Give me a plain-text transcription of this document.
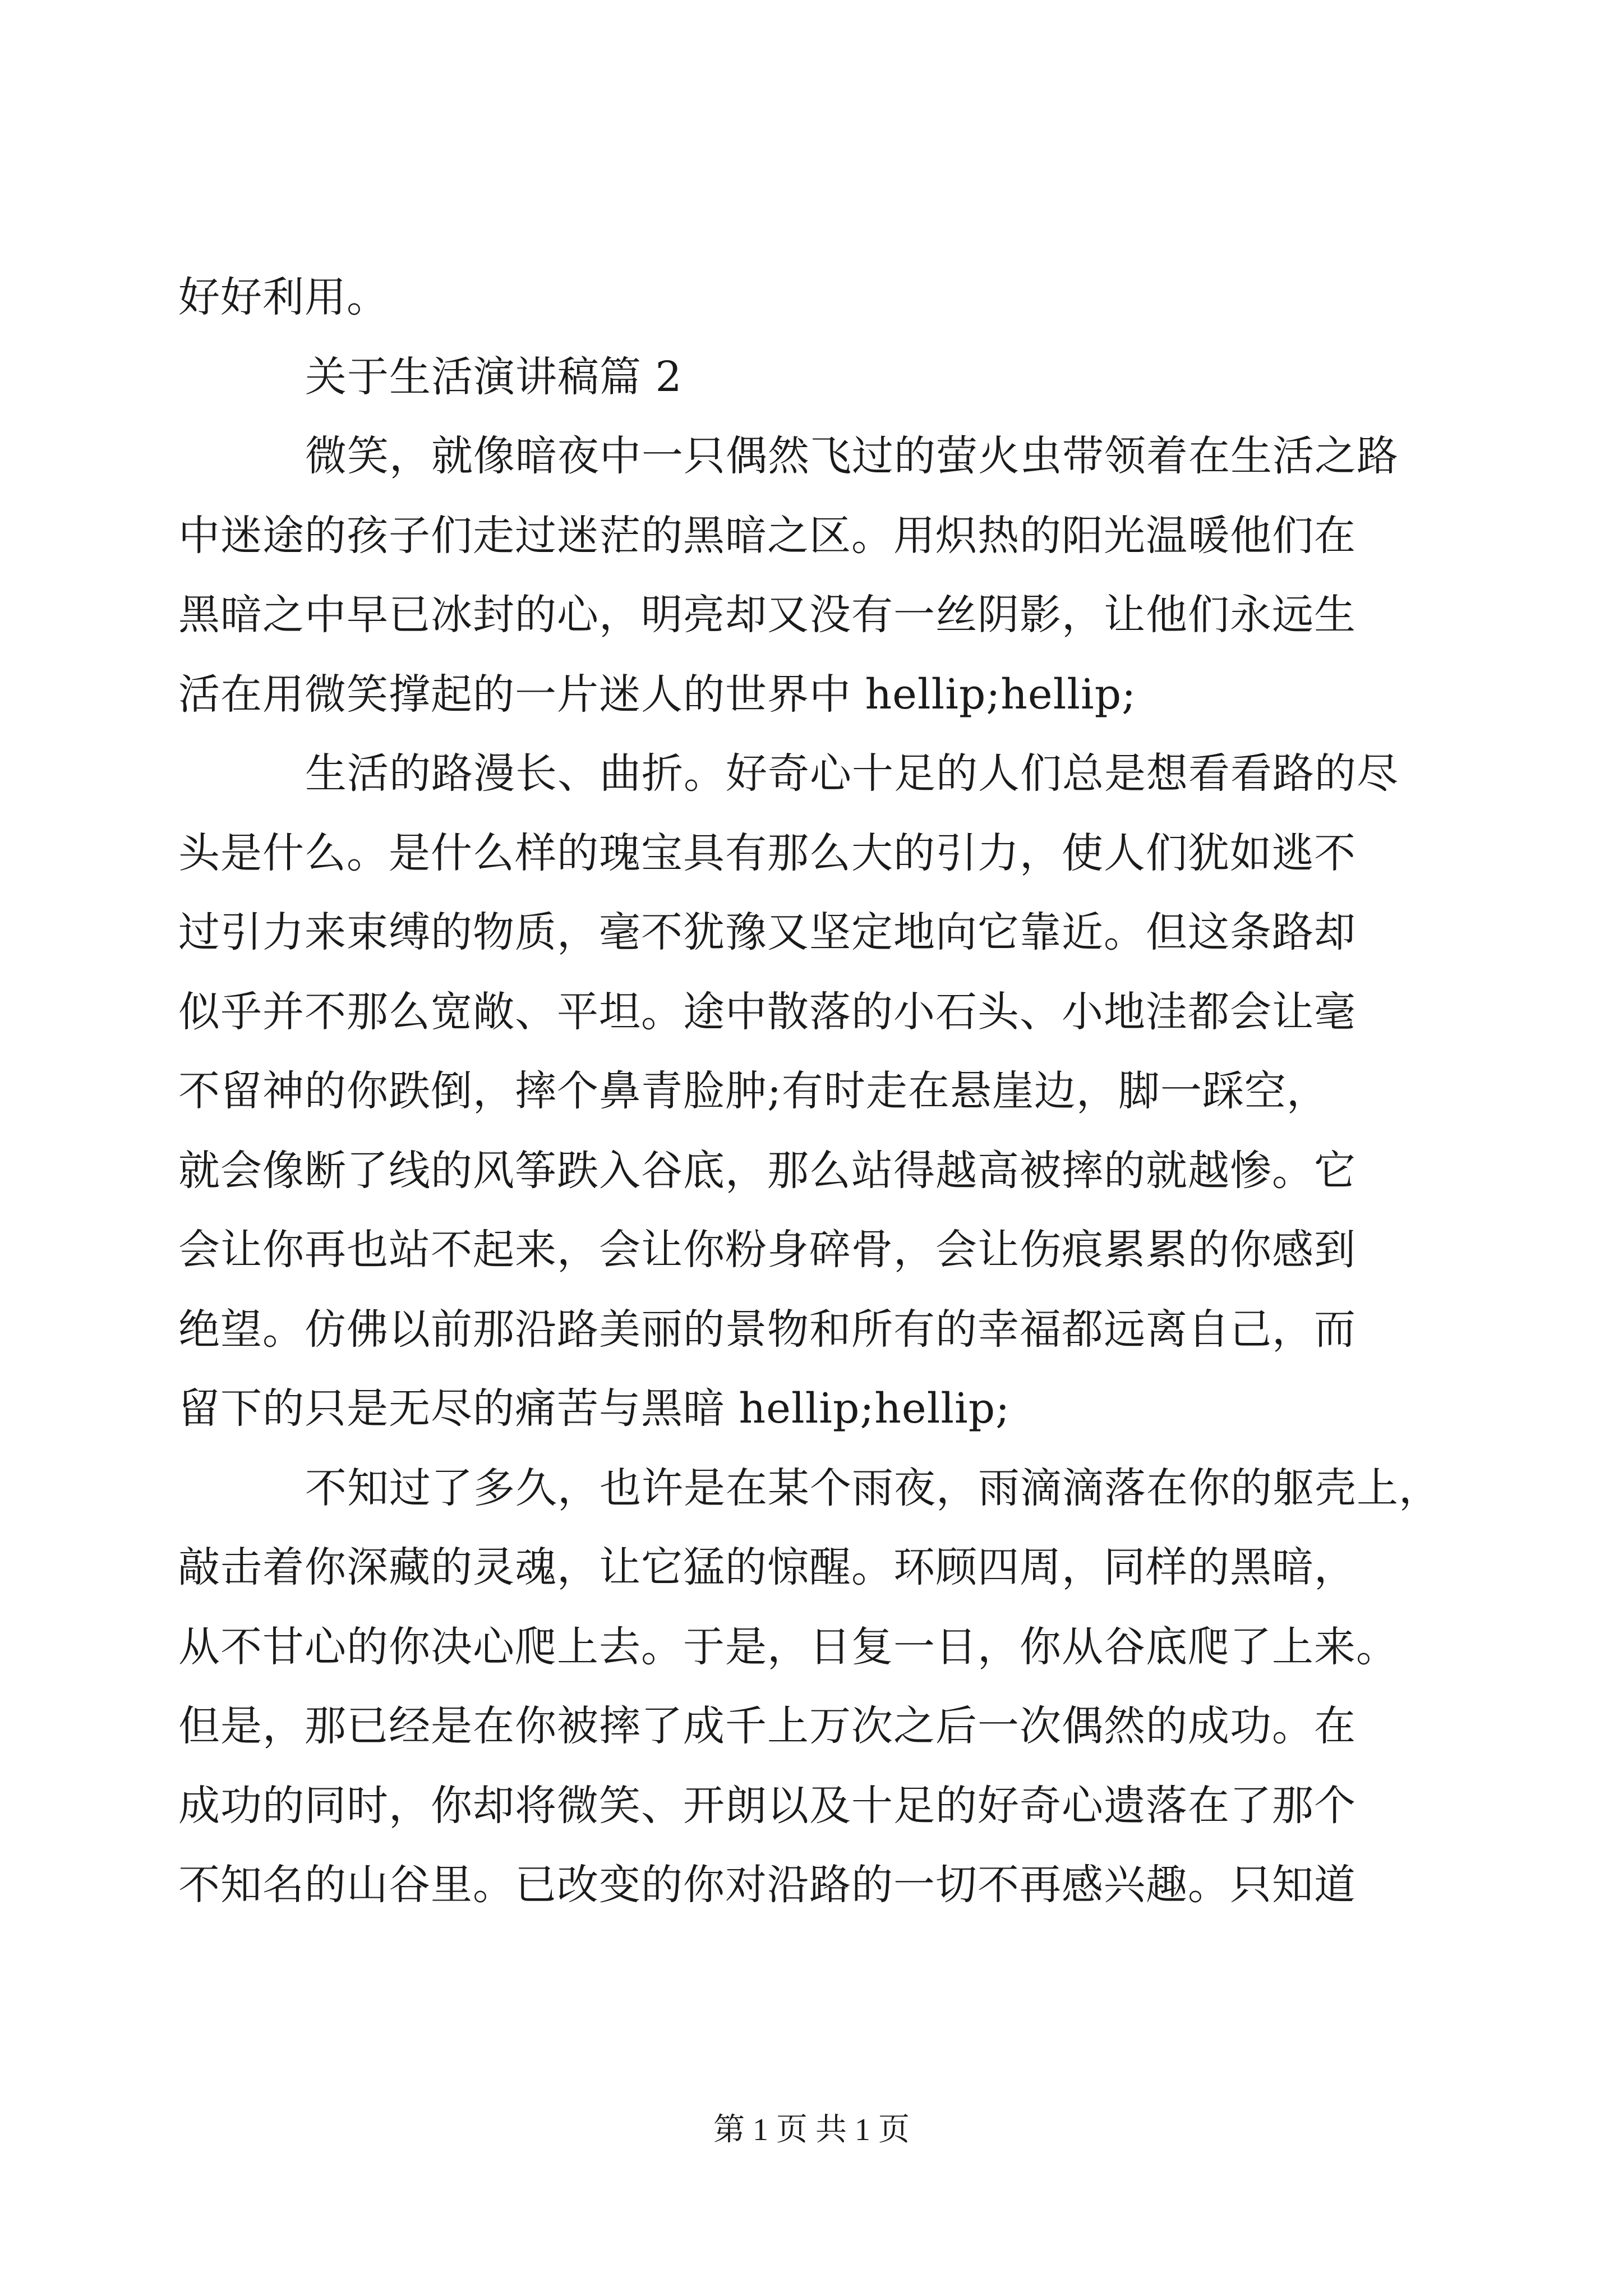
好好利用。
关于生活演讲稿篇 2
微笑，就像暗夜中一只偶然飞过的萤火虫带领着在生活之路
中迷途的孩子们走过迷茫的黑暗之区。用炽热的阳光温暖他们在
黑暗之中早已冰封的心，明亮却又没有一丝阴影，让他们永远生
活在用微笑撑起的一片迷人的世界中 hellip;hellip;
生活的路漫长、曲折。好奇心十足的人们总是想看看路的尽
头是什么。是什么样的瑰宝具有那么大的引力，使人们犹如逃不
过引力来束缚的物质，毫不犹豫又坚定地向它靠近。但这条路却
似乎并不那么宽敞、平坦。途中散落的小石头、小地洼都会让毫
不留神的你跌倒，摔个鼻青脸肿;有时走在悬崖边，脚一踩空，
就会像断了线的风筝跌入谷底，那么站得越高被摔的就越惨。它
会让你再也站不起来，会让你粉身碎骨，会让伤痕累累的你感到
绝望。仿佛以前那沿路美丽的景物和所有的幸福都远离自己，而
留下的只是无尽的痛苦与黑暗 hellip;hellip;
不知过了多久，也许是在某个雨夜，雨滴滴落在你的躯壳上，
敲击着你深藏的灵魂，让它猛的惊醒。环顾四周，同样的黑暗，
从不甘心的你决心爬上去。于是，日复一日，你从谷底爬了上来。
但是，那已经是在你被摔了成千上万次之后一次偶然的成功。在
成功的同时，你却将微笑、开朗以及十足的好奇心遗落在了那个
不知名的山谷里。已改变的你对沿路的一切不再感兴趣。只知道
第 1 页 共 1 页
